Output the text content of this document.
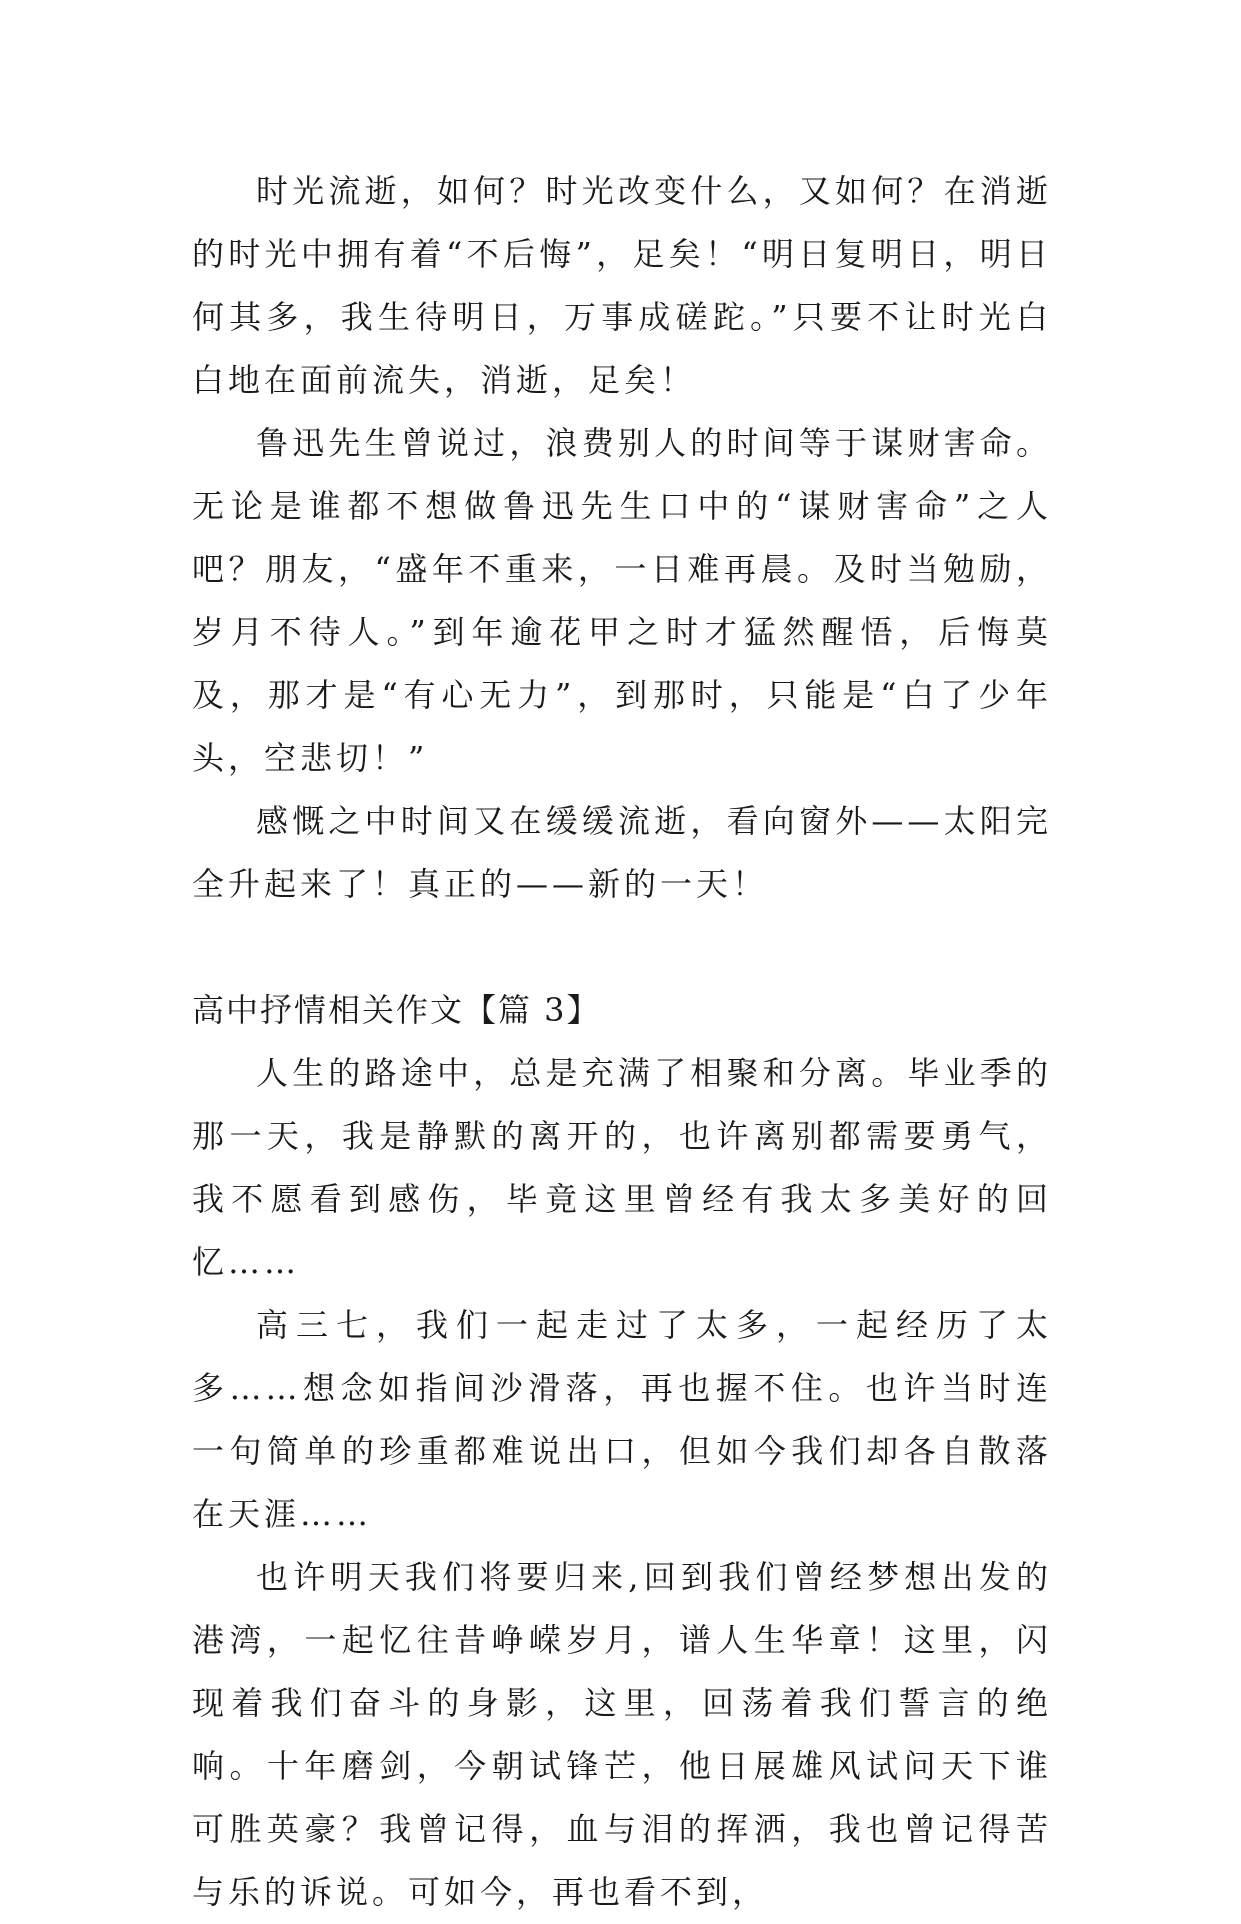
时光流逝，如何？时光改变什么，又如何？在消逝的时光中拥有着“不后悔”，足矣！“明日复明日，明日何其多，我生待明日，万事成磋跎。”只要不让时光白白地在面前流失，消逝，足矣！

鲁迅先生曾说过，浪费别人的时间等于谋财害命。无论是谁都不想做鲁迅先生口中的“谋财害命”之人吧？朋友，“盛年不重来，一日难再晨。及时当勉励，岁月不待人。”到年逾花甲之时才猛然醒悟，后悔莫及，那才是“有心无力”，到那时，只能是“白了少年头，空悲切！”

感慨之中时间又在缓缓流逝，看向窗外——太阳完全升起来了！真正的——新的一天！

高中抒情相关作文【篇 3】

人生的路途中，总是充满了相聚和分离。毕业季的那一天，我是静默的离开的，也许离别都需要勇气，我不愿看到感伤，毕竟这里曾经有我太多美好的回忆……

高三七，我们一起走过了太多，一起经历了太多……想念如指间沙滑落，再也握不住。也许当时连一句简单的珍重都难说出口，但如今我们却各自散落在天涯……

也许明天我们将要归来,回到我们曾经梦想出发的港湾，一起忆往昔峥嵘岁月，谱人生华章！这里，闪现着我们奋斗的身影，这里，回荡着我们誓言的绝响。十年磨剑，今朝试锋芒，他日展雄风试问天下谁可胜英豪？我曾记得，血与泪的挥洒，我也曾记得苦与乐的诉说。可如今，再也看不到，
